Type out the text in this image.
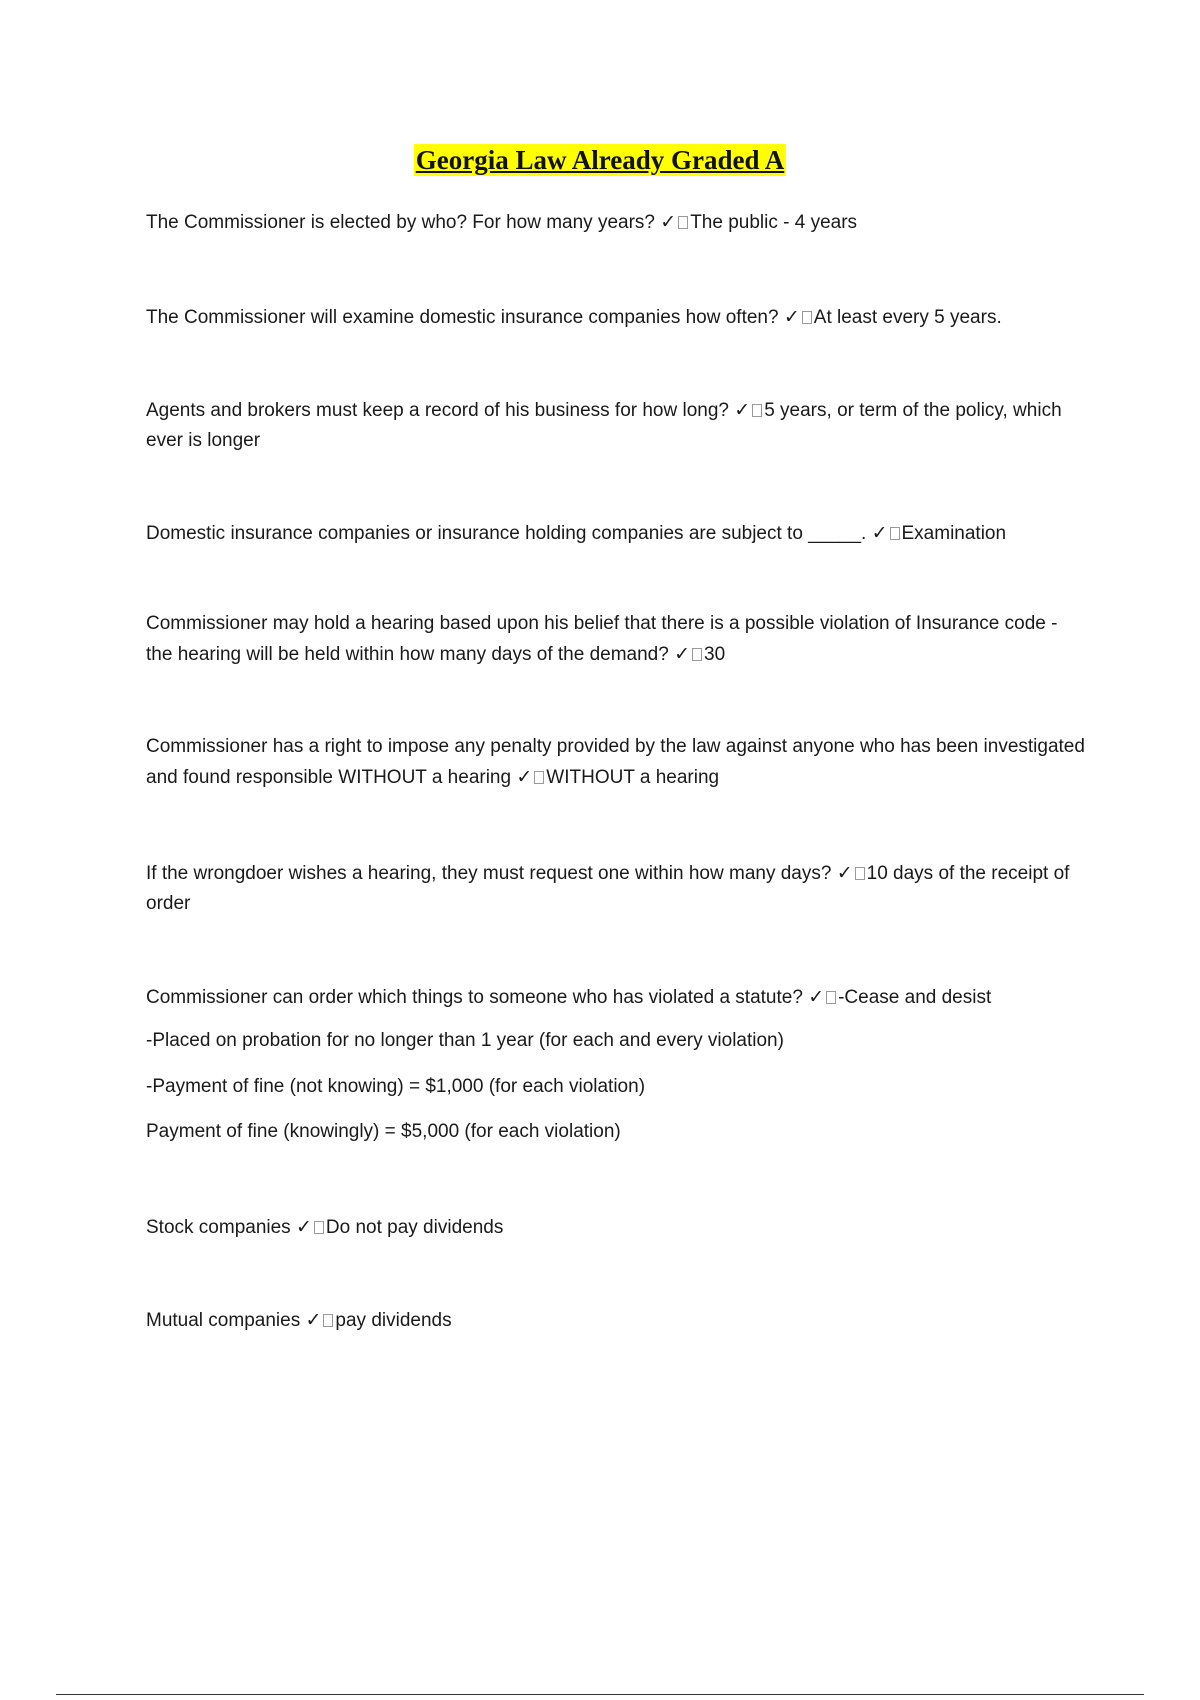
Georgia Law Already Graded A
The Commissioner is elected by who? For how many years? ✓ The public - 4 years
The Commissioner will examine domestic insurance companies how often? ✓ At least every 5 years.
Agents and brokers must keep a record of his business for how long? ✓ 5 years, or term of the policy, which ever is longer
Domestic insurance companies or insurance holding companies are subject to _____. ✓ Examination
Commissioner may hold a hearing based upon his belief that there is a possible violation of Insurance code - the hearing will be held within how many days of the demand? ✓ 30
Commissioner has a right to impose any penalty provided by the law against anyone who has been investigated and found responsible WITHOUT a hearing ✓ WITHOUT a hearing
If the wrongdoer wishes a hearing, they must request one within how many days? ✓ 10 days of the receipt of order
Commissioner can order which things to someone who has violated a statute? ✓ -Cease and desist
-Placed on probation for no longer than 1 year (for each and every violation)
-Payment of fine (not knowing) = $1,000 (for each violation)
Payment of fine (knowingly) = $5,000 (for each violation)
Stock companies ✓ Do not pay dividends
Mutual companies ✓ pay dividends
